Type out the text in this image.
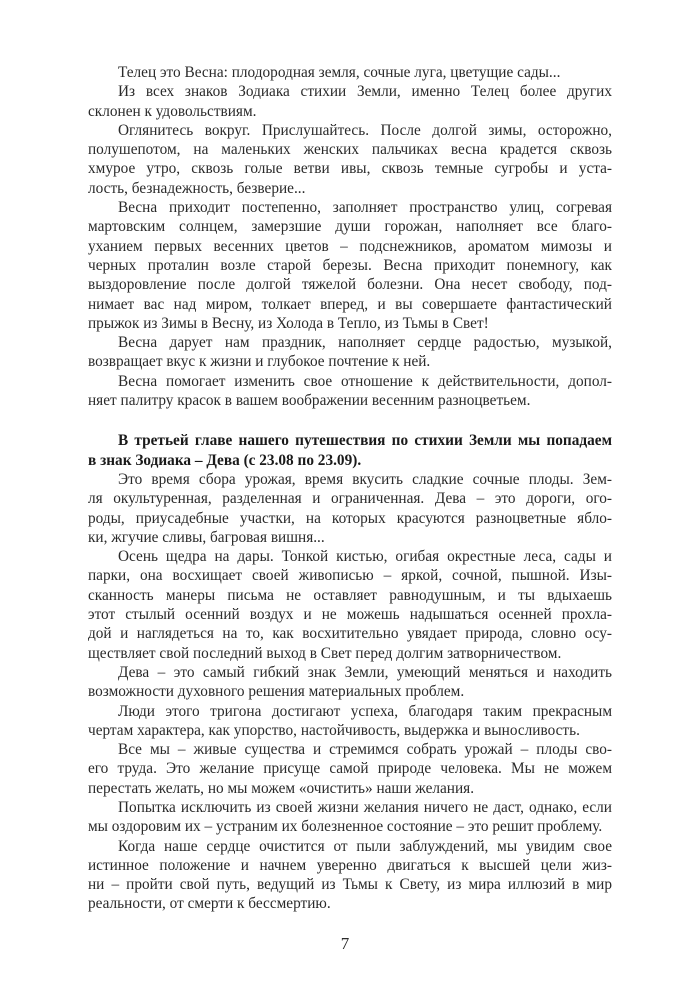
Телец это Весна: плодородная земля, сочные луга, цветущие сады...
Из всех знаков Зодиака стихии Земли, именно Телец более других
склонен к удовольствиям.
Оглянитесь вокруг. Прислушайтесь. После долгой зимы, осторожно,
полушепотом, на маленьких женских пальчиках весна крадется сквозь
хмурое утро, сквозь голые ветви ивы, сквозь темные сугробы и уста-
лость, безнадежность, безверие...
Весна приходит постепенно, заполняет пространство улиц, согревая
мартовским солнцем, замерзшие души горожан, наполняет все благо-
уханием первых весенних цветов – подснежников, ароматом мимозы и
черных проталин возле старой березы. Весна приходит понемногу, как
выздоровление после долгой тяжелой болезни. Она несет свободу, под-
нимает вас над миром, толкает вперед, и вы совершаете фантастический
прыжок из Зимы в Весну, из Холода в Тепло, из Тьмы в Свет!
Весна дарует нам праздник, наполняет сердце радостью, музыкой,
возвращает вкус к жизни и глубокое почтение к ней.
Весна помогает изменить свое отношение к действительности, допол-
няет палитру красок в вашем воображении весенним разноцветьем.
В третьей главе нашего путешествия по стихии Земли мы попадаем
в знак Зодиака – Дева (с 23.08 по 23.09).
Это время сбора урожая, время вкусить сладкие сочные плоды. Зем-
ля окультуренная, разделенная и ограниченная. Дева – это дороги, ого-
роды, приусадебные участки, на которых красуются разноцветные ябло-
ки, жгучие сливы, багровая вишня...
Осень щедра на дары. Тонкой кистью, огибая окрестные леса, сады и
парки, она восхищает своей живописью – яркой, сочной, пышной. Изы-
сканность манеры письма не оставляет равнодушным, и ты вдыхаешь
этот стылый осенний воздух и не можешь надышаться осенней прохла-
дой и наглядеться на то, как восхитительно увядает природа, словно осу-
ществляет свой последний выход в Свет перед долгим затворничеством.
Дева – это самый гибкий знак Земли, умеющий меняться и находить
возможности духовного решения материальных проблем.
Люди этого тригона достигают успеха, благодаря таким прекрасным
чертам характера, как упорство, настойчивость, выдержка и выносливость.
Все мы – живые существа и стремимся собрать урожай – плоды сво-
его труда. Это желание присуще самой природе человека. Мы не можем
перестать желать, но мы можем «очистить» наши желания.
Попытка исключить из своей жизни желания ничего не даст, однако, если
мы оздоровим их – устраним их болезненное состояние – это решит проблему.
Когда наше сердце очистится от пыли заблуждений, мы увидим свое
истинное положение и начнем уверенно двигаться к высшей цели жиз-
ни – пройти свой путь, ведущий из Тьмы к Свету, из мира иллюзий в мир
реальности, от смерти к бессмертию.
7
